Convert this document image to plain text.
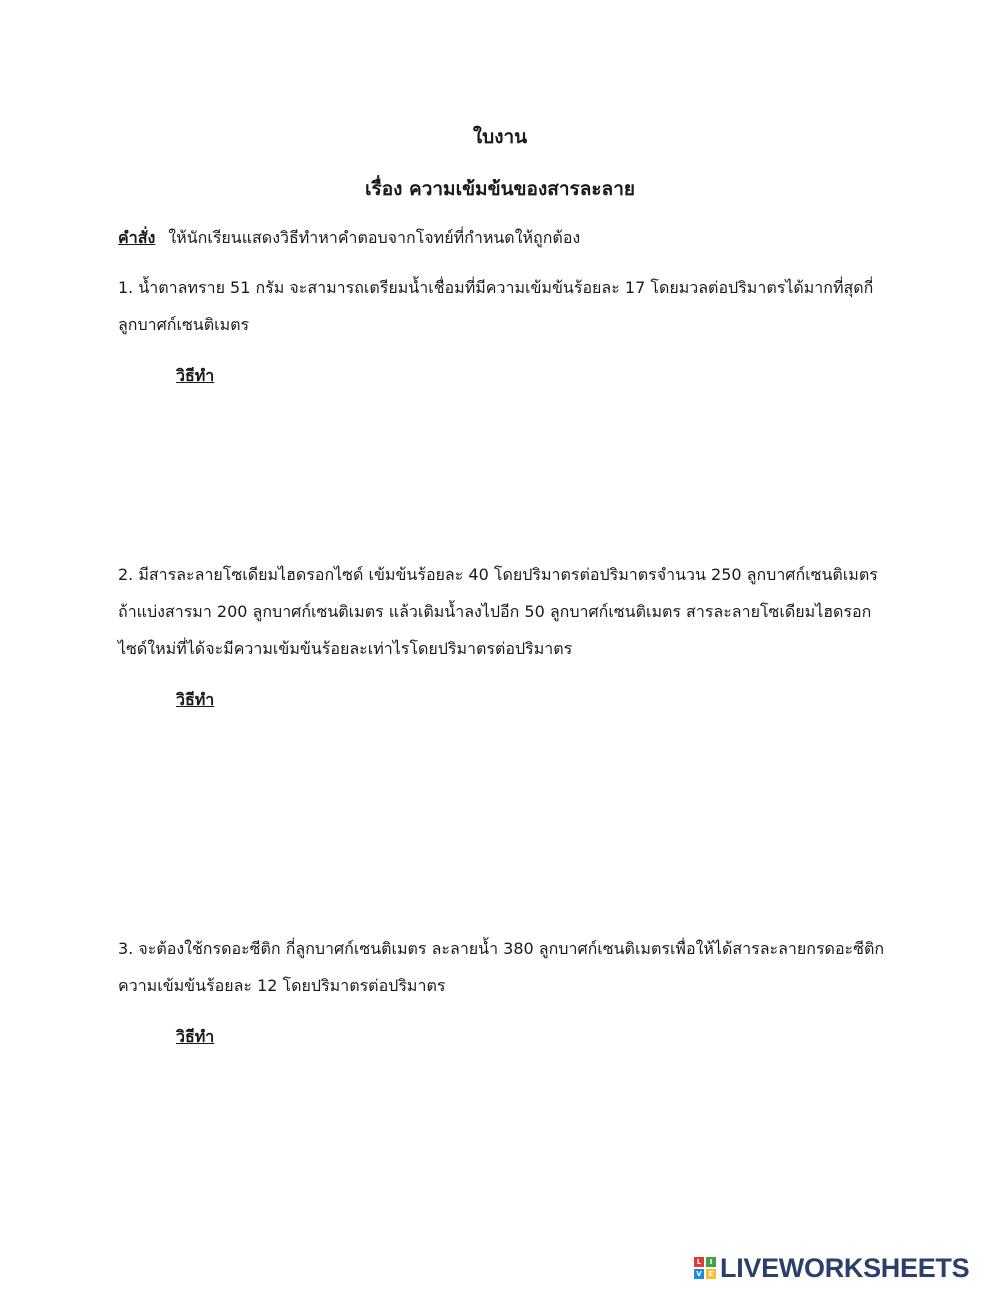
ใบงาน
เรื่อง ความเข้มข้นของสารละลาย
คำสั่ง ให้นักเรียนแสดงวิธีทำหาคำตอบจากโจทย์ที่กำหนดให้ถูกต้อง
1. น้ำตาลทราย 51 กรัม จะสามารถเตรียมน้ำเชื่อมที่มีความเข้มข้นร้อยละ 17 โดยมวลต่อปริมาตรได้มากที่สุดกี่
ลูกบาศก์เซนติเมตร
วิธีทำ
2. มีสารละลายโซเดียมไฮดรอกไซด์ เข้มข้นร้อยละ 40 โดยปริมาตรต่อปริมาตรจำนวน 250 ลูกบาศก์เซนติเมตร
ถ้าแบ่งสารมา 200 ลูกบาศก์เซนติเมตร แล้วเติมน้ำลงไปอีก 50 ลูกบาศก์เซนติเมตร สารละลายโซเดียมไฮดรอก
ไซด์ใหม่ที่ได้จะมีความเข้มข้นร้อยละเท่าไรโดยปริมาตรต่อปริมาตร
วิธีทำ
3. จะต้องใช้กรดอะซีติก กี่ลูกบาศก์เซนติเมตร ละลายน้ำ 380 ลูกบาศก์เซนติเมตรเพื่อให้ได้สารละลายกรดอะซีติก
ความเข้มข้นร้อยละ 12 โดยปริมาตรต่อปริมาตร
วิธีทำ
L	I
V E LIVEWORKSHEETS
